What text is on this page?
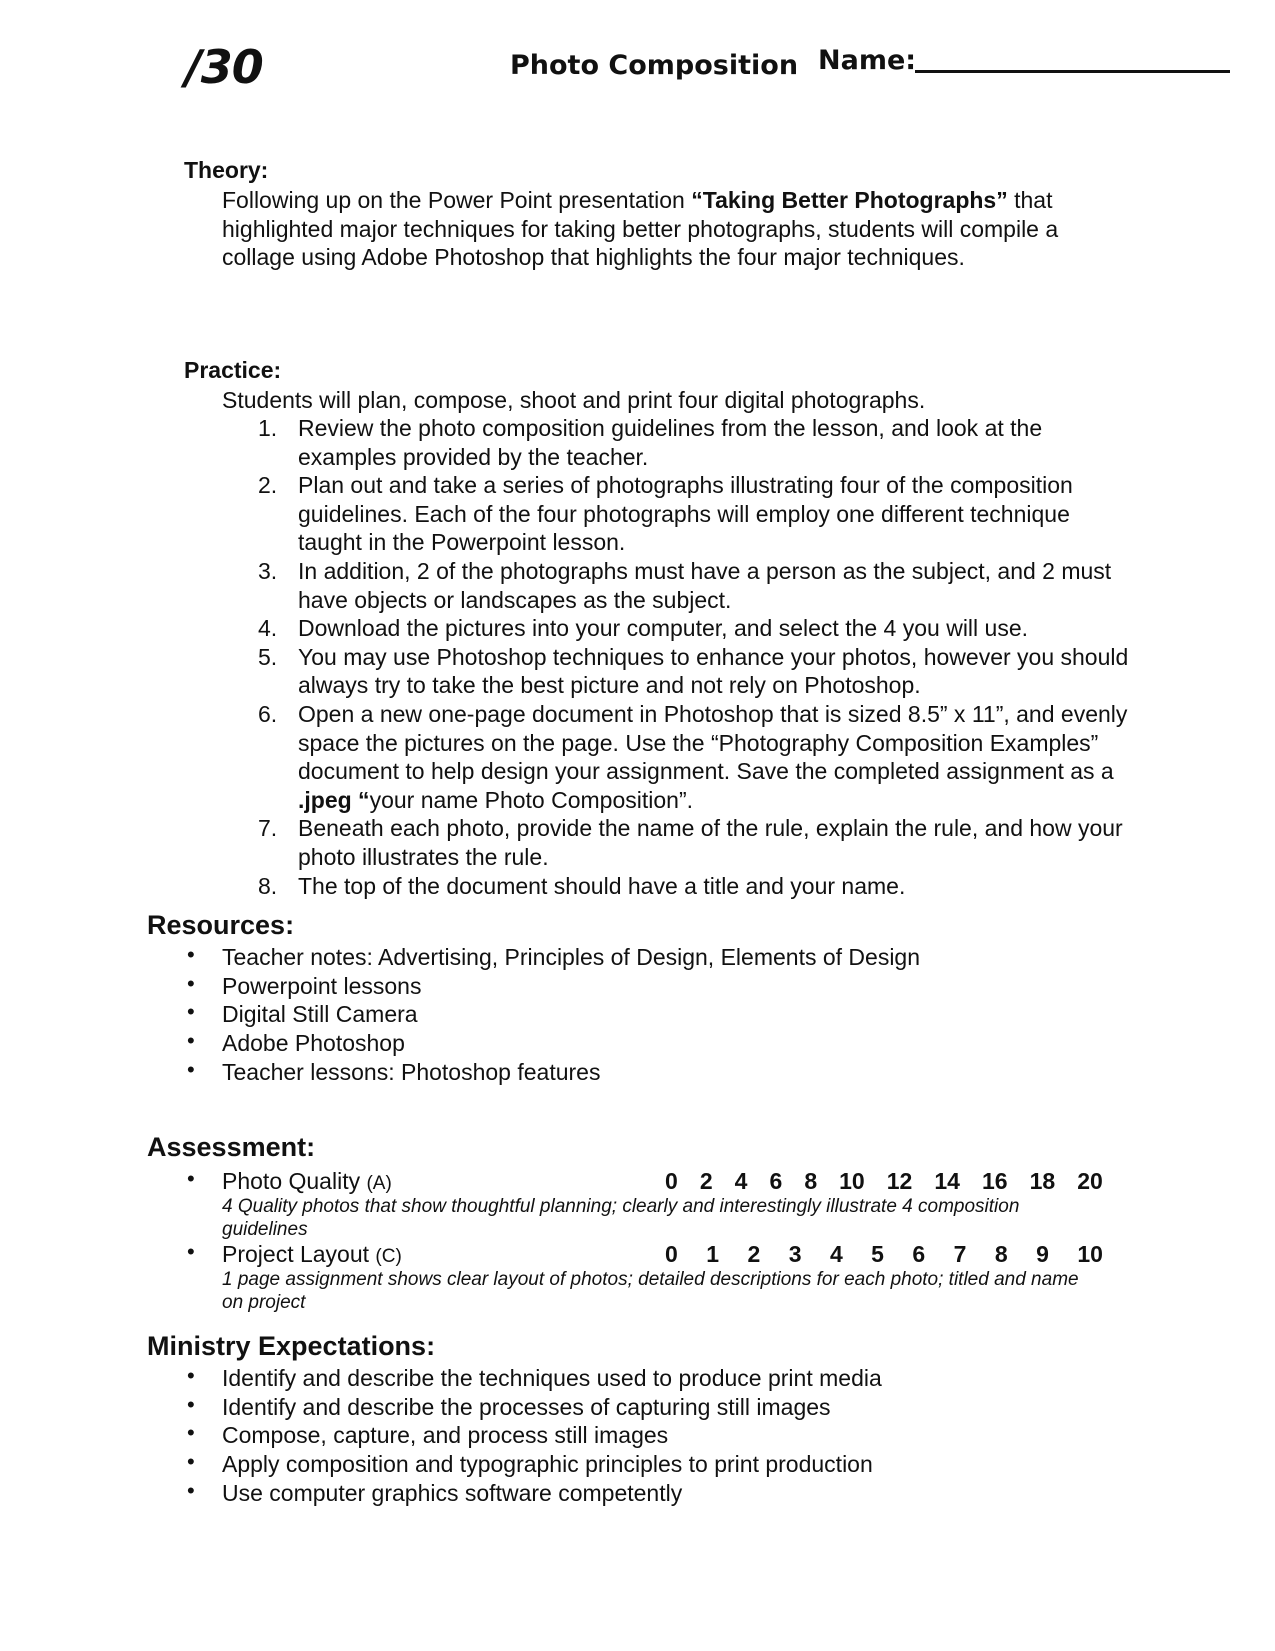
/30	Photo Composition Name:
Theory:

Following up on the Power Point presentation “Taking Better Photographs” that highlighted major techniques for taking better photographs, students will compile a collage using Adobe Photoshop that highlights the four major techniques.

Practice:

Students will plan, compose, shoot and print four digital photographs.

1. Review the photo composition guidelines from the lesson, and look at the examples provided by the teacher.
2. Plan out and take a series of photographs illustrating four of the composition guidelines. Each of the four photographs will employ one different technique taught in the Powerpoint lesson.
3. In addition, 2 of the photographs must have a person as the subject, and 2 must have objects or landscapes as the subject.
4. Download the pictures into your computer, and select the 4 you will use.
5. You may use Photoshop techniques to enhance your photos, however you should always try to take the best picture and not rely on Photoshop.
6. Open a new one-page document in Photoshop that is sized 8.5” x 11”, and evenly space the pictures on the page. Use the “Photography Composition Examples” document to help design your assignment. Save the completed assignment as a .jpeg “your name Photo Composition”.
7. Beneath each photo, provide the name of the rule, explain the rule, and how your photo illustrates the rule.
8. The top of the document should have a title and your name.
Resources:
• Teacher notes: Advertising, Principles of Design, Elements of Design
• Powerpoint lessons
• Digital Still Camera
• Adobe Photoshop
• Teacher lessons: Photoshop features
Assessment:
• Photo Quality (A)	0 2 4 6 8 10 12 14 16 18 20
4 Quality photos that show thoughtful planning; clearly and interestingly illustrate 4 composition guidelines
• Project Layout (C)	0 1 2 3 4 5 6 7 8 9 10
1 page assignment shows clear layout of photos; detailed descriptions for each photo; titled and name on project
Ministry Expectations:
• Identify and describe the techniques used to produce print media
• Identify and describe the processes of capturing still images
• Compose, capture, and process still images
• Apply composition and typographic principles to print production
• Use computer graphics software competently
